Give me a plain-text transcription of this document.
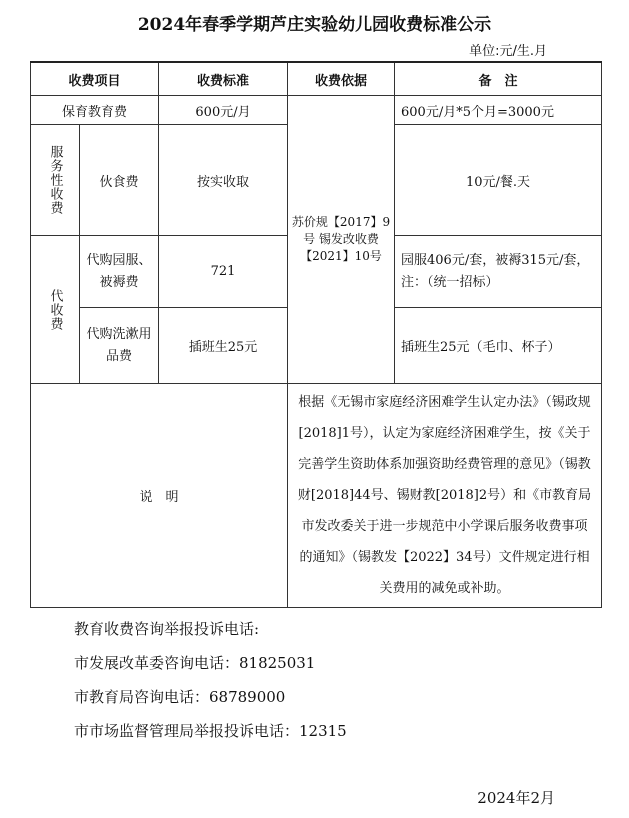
2024年春季学期芦庄实验幼儿园收费标准公示
单位:元/生.月
收费项目		收费标准	收费依据	备　注
保育教育费		600元/月	苏价规【2017】9号 锡发改收费【2021】10号	600元/月*5个月=3000元

服务性收费	伙食费	按实收取		10元/餐.天

代收费	代购园服、被褥费	721		园服406元/套，被褥315元/套，注：（统一招标）
	代购洗漱用品费	插班生25元		插班生25元（毛巾、杯子）
说　明			根据《无锡市家庭经济困难学生认定办法》（锡政规[2018]1号），认定为家庭经济困难学生，按《关于完善学生资助体系加强资助经费管理的意见》（锡教财[2018]44号、锡财教[2018]2号）和《市教育局市发改委关于进一步规范中小学课后服务收费事项的通知》（锡教发【2022】34号）文件规定进行相关费用的减免或补助。	
教育收费咨询举报投诉电话:
市发展改革委咨询电话：81825031
市教育局咨询电话：68789000
市市场监督管理局举报投诉电话：12315
2024年2月
